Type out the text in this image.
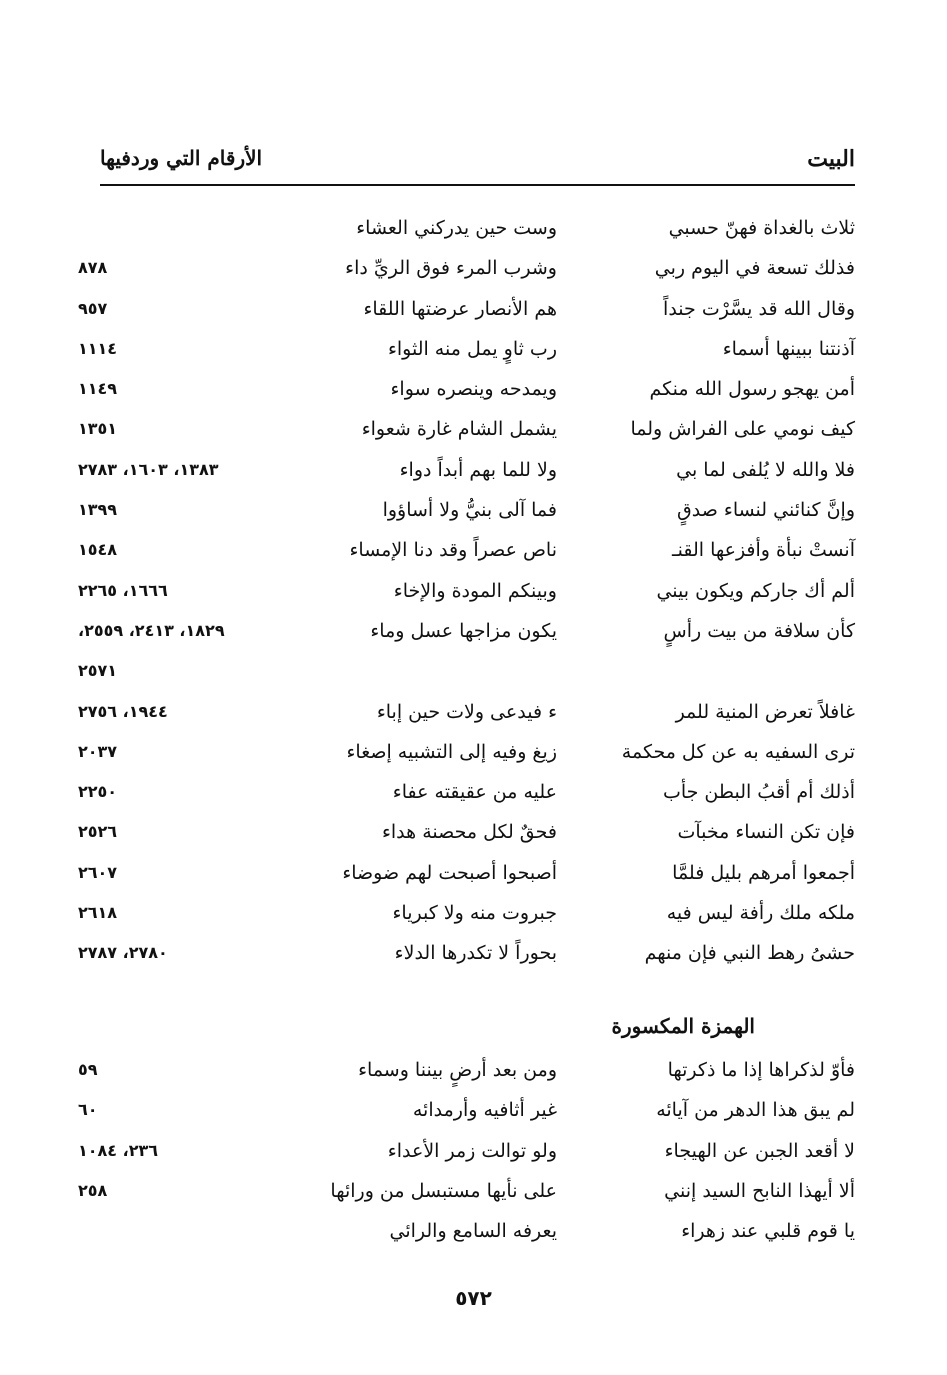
البيت
الأرقام التي وردفيها
ثلاث بالغداة فهنّ حسبي
وست حين يدركني العشاء
فذلك تسعة في اليوم ربي
وشرب المرء فوق الريِّ داء
٨٧٨
وقال الله قد يسَّرْت جنداً
هم الأنصار عرضتها اللقاء
٩٥٧
آذنتنا ببينها أسماء
رب ثاوٍ يمل منه الثواء
١١١٤
أمن يهجو رسول الله منكم
ويمدحه وينصره سواء
١١٤٩
كيف نومي على الفراش ولما
يشمل الشام غارة شعواء
١٣٥١
فلا والله لا يُلفى لما بي
ولا للما بهم أبداً دواء
١٣٨٣، ١٦٠٣، ٢٧٨٣
وإنَّ كنائني لنساء صدقٍ
فما آلى بنيُّ ولا أساؤوا
١٣٩٩
آنستْ نبأة وأفزعها القنـ
ناص عصراً وقد دنا الإمساء
١٥٤٨
ألم أك جاركم ويكون بيني
وبينكم المودة والإخاء
١٦٦٦، ٢٢٦٥
كأن سلافة من بيت رأسٍ
يكون مزاجها عسل وماء
١٨٢٩، ٢٤١٣، ٢٥٥٩،
٢٥٧١
غافلاً تعرض المنية للمر
ء فيدعى ولات حين إباء
١٩٤٤، ٢٧٥٦
ترى السفيه به عن كل محكمة
زيغ وفيه إلى التشبيه إصغاء
٢٠٣٧
أذلك أم أقبُ البطن جأب
عليه من عقيقته عفاء
٢٢٥٠
فإن تكن النساء مخبآت
فحقٌ لكل محصنة هداء
٢٥٢٦
أجمعوا أمرهم بليل فلمَّا
أصبحوا أصبحت لهم ضوضاء
٢٦٠٧
ملكه ملك رأفة ليس فيه
جبروت منه ولا كبرياء
٢٦١٨
حشىُ رهط النبي فإن منهم
بحوراً لا تكدرها الدلاء
٢٧٨٠، ٢٧٨٧
الهمزة المكسورة
فأوّ لذكراها إذا ما ذكرتها
ومن بعد أرضٍ بيننا وسماء
٥٩
لم يبق هذا الدهر من آيائه
غير أثافيه وأرمدائه
٦٠
لا أقعد الجبن عن الهيجاء
ولو توالت زمر الأعداء
٢٣٦، ١٠٨٤
ألا أيهذا النابح السيد إنني
على نأيها مستبسل من ورائها
٢٥٨
يا قوم قلبي عند زهراء
يعرفه السامع والرائي
٥٧٢
